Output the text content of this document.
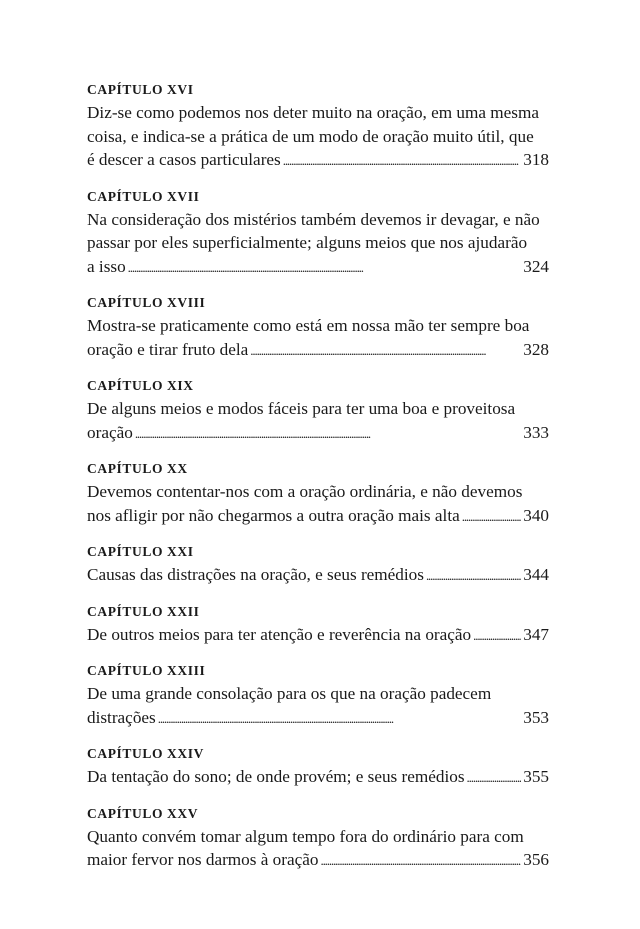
CAPÍTULO XVI
Diz-se como podemos nos deter muito na oração, em uma mesma
coisa, e indica-se a prática de um modo de oração muito útil, que
é descer a casos particulares . . .	318
CAPÍTULO XVII
Na consideração dos mistérios também devemos ir devagar, e não
passar por eles superficialmente; alguns meios que nos ajudarão
a isso . . .	324
CAPÍTULO XVIII
Mostra-se praticamente como está em nossa mão ter sempre boa
oração e tirar fruto dela . . .	328
CAPÍTULO XIX
De alguns meios e modos fáceis para ter uma boa e proveitosa
oração . . .	333
CAPÍTULO XX
Devemos contentar-nos com a oração ordinária, e não devemos
nos afligir por não chegarmos a outra oração mais alta . . .	340
CAPÍTULO XXI
Causas das distrações na oração, e seus remédios . . .	344
CAPÍTULO XXII
De outros meios para ter atenção e reverência na oração . . .	347
CAPÍTULO XXIII
De uma grande consolação para os que na oração padecem
distrações . . .	353
CAPÍTULO XXIV
Da tentação do sono; de onde provém; e seus remédios . . .	355
CAPÍTULO XXV
Quanto convém tomar algum tempo fora do ordinário para com
maior fervor nos darmos à oração . . .	356
